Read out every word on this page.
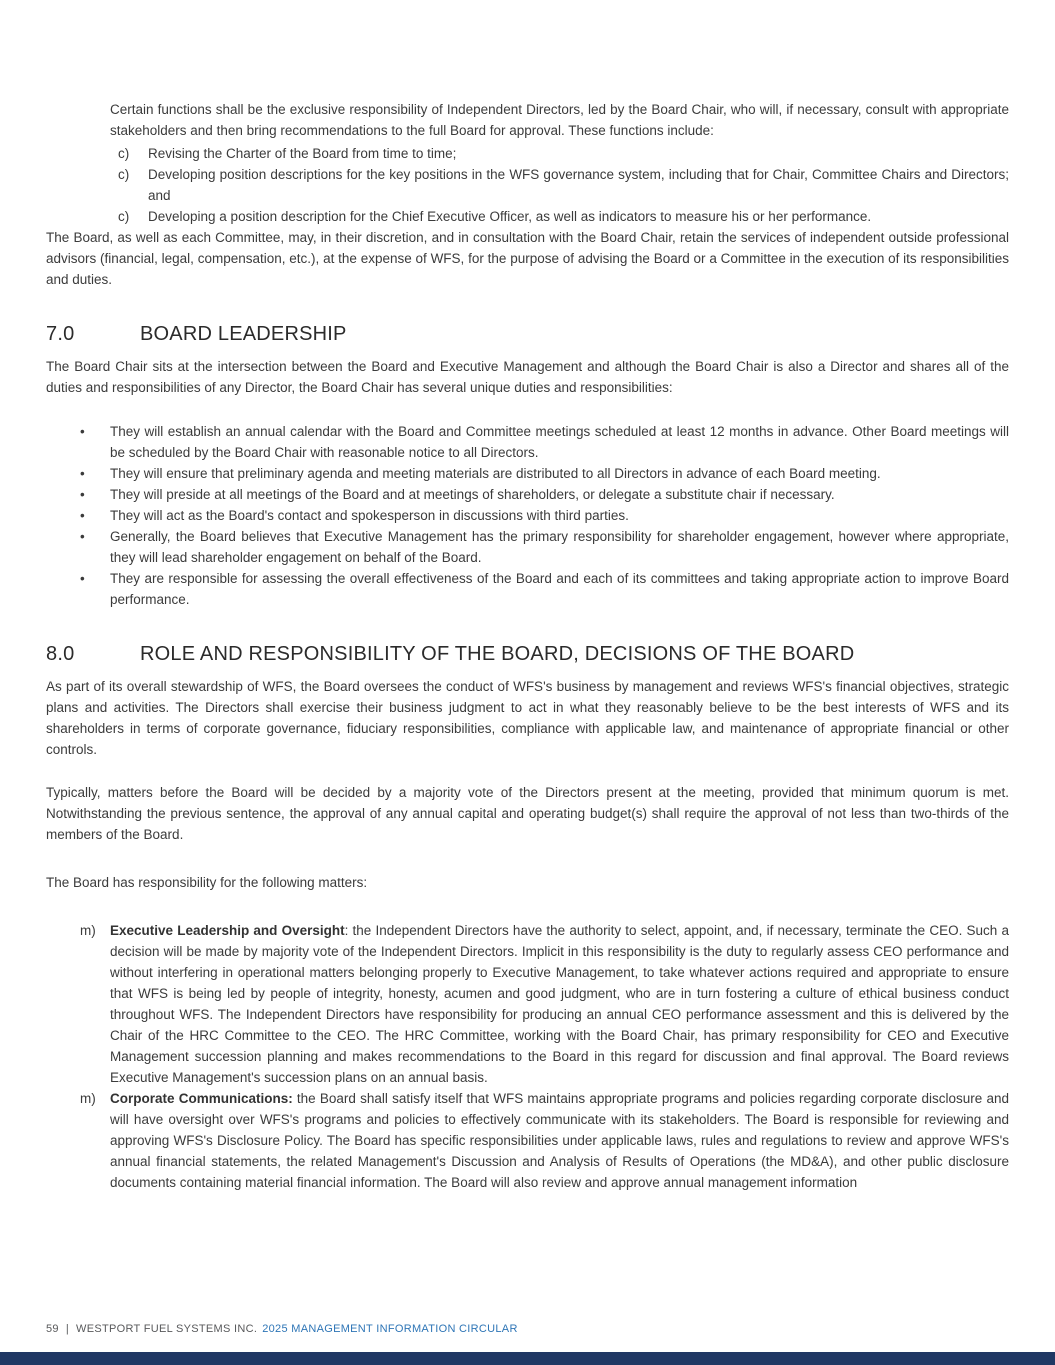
Certain functions shall be the exclusive responsibility of Independent Directors, led by the Board Chair, who will, if necessary, consult with appropriate stakeholders and then bring recommendations to the full Board for approval. These functions include:

c)	Revising the Charter of the Board from time to time;
c)	Developing position descriptions for the key positions in the WFS governance system, including that for Chair, Committee Chairs and Directors; and
c)	Developing a position description for the Chief Executive Officer, as well as indicators to measure his or her performance.

The Board, as well as each Committee, may, in their discretion, and in consultation with the Board Chair, retain the services of independent outside professional advisors (financial, legal, compensation, etc.), at the expense of WFS, for the purpose of advising the Board or a Committee in the execution of its responsibilities and duties.

7.0	BOARD LEADERSHIP

The Board Chair sits at the intersection between the Board and Executive Management and although the Board Chair is also a Director and shares all of the duties and responsibilities of any Director, the Board Chair has several unique duties and responsibilities:

•	They will establish an annual calendar with the Board and Committee meetings scheduled at least 12 months in advance. Other Board meetings will be scheduled by the Board Chair with reasonable notice to all Directors.
•	They will ensure that preliminary agenda and meeting materials are distributed to all Directors in advance of each Board meeting.
•	They will preside at all meetings of the Board and at meetings of shareholders, or delegate a substitute chair if necessary.
•	They will act as the Board's contact and spokesperson in discussions with third parties.
•	Generally, the Board believes that Executive Management has the primary responsibility for shareholder engagement, however where appropriate, they will lead shareholder engagement on behalf of the Board.
•	They are responsible for assessing the overall effectiveness of the Board and each of its committees and taking appropriate action to improve Board performance.
8.0	ROLE AND RESPONSIBILITY OF THE BOARD, DECISIONS OF THE BOARD

As part of its overall stewardship of WFS, the Board oversees the conduct of WFS's business by management and reviews WFS's financial objectives, strategic plans and activities. The Directors shall exercise their business judgment to act in what they reasonably believe to be the best interests of WFS and its shareholders in terms of corporate governance, fiduciary responsibilities, compliance with applicable law, and maintenance of appropriate financial or other controls.

Typically, matters before the Board will be decided by a majority vote of the Directors present at the meeting, provided that minimum quorum is met. Notwithstanding the previous sentence, the approval of any annual capital and operating budget(s) shall require the approval of not less than two-thirds of the members of the Board.

The Board has responsibility for the following matters:

m)	Executive Leadership and Oversight: the Independent Directors have the authority to select, appoint, and, if necessary, terminate the CEO. Such a decision will be made by majority vote of the Independent Directors. Implicit in this responsibility is the duty to regularly assess CEO performance and without interfering in operational matters belonging properly to Executive Management, to take whatever actions required and appropriate to ensure that WFS is being led by people of integrity, honesty, acumen and good judgment, who are in turn fostering a culture of ethical business conduct throughout WFS. The Independent Directors have responsibility for producing an annual CEO performance assessment and this is delivered by the Chair of the HRC Committee to the CEO. The HRC Committee, working with the Board Chair, has primary responsibility for CEO and Executive Management succession planning and makes recommendations to the Board in this regard for discussion and final approval. The Board reviews Executive Management's succession plans on an annual basis.
m)	Corporate Communications: the Board shall satisfy itself that WFS maintains appropriate programs and policies regarding corporate disclosure and will have oversight over WFS's programs and policies to effectively communicate with its stakeholders. The Board is responsible for reviewing and approving WFS's Disclosure Policy. The Board has specific responsibilities under applicable laws, rules and regulations to review and approve WFS's annual financial statements, the related Management's Discussion and Analysis of Results of Operations (the MD&A), and other public disclosure documents containing material financial information. The Board will also review and approve annual management information
59 | WESTPORT FUEL SYSTEMS INC. 2025 MANAGEMENT INFORMATION CIRCULAR
